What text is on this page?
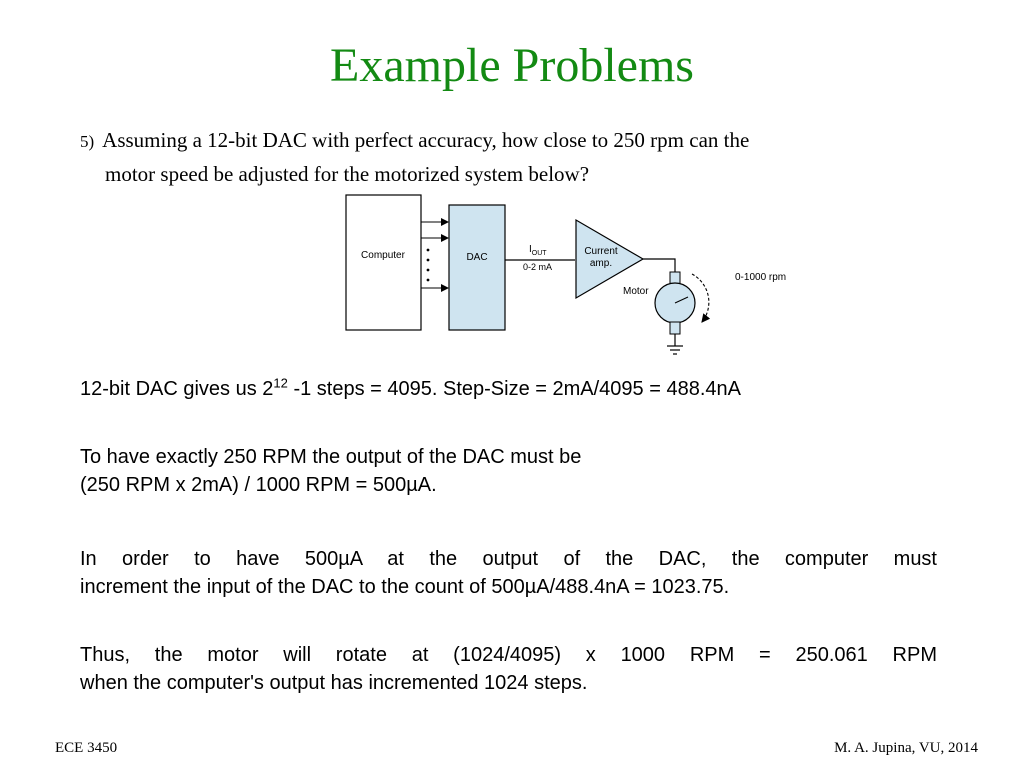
Example Problems
5) Assuming a 12-bit DAC with perfect accuracy, how close to 250 rpm can the
motor speed be adjusted for the motorized system below?
Computer	DAC
$I_{OUT}$
0-2 mA
Current
amp.
Motor
0-1000 rpm
12-bit DAC gives us $2^{12}$ -1 steps = 4095. Step-Size = 2mA/4095 = 488.4nA
To have exactly 250 RPM the output of the DAC must be
(250 RPM x 2mA) / 1000 RPM = 500µA.
In order to have 500µA at the output of the DAC, the computer must
increment the input of the DAC to the count of 500µA/488.4nA = 1023.75.
Thus, the motor will rotate at (1024/4095) x 1000 RPM = 250.061 RPM
when the computer's output has incremented 1024 steps.
ECE 3450	M. A. Jupina, VU, 2014
